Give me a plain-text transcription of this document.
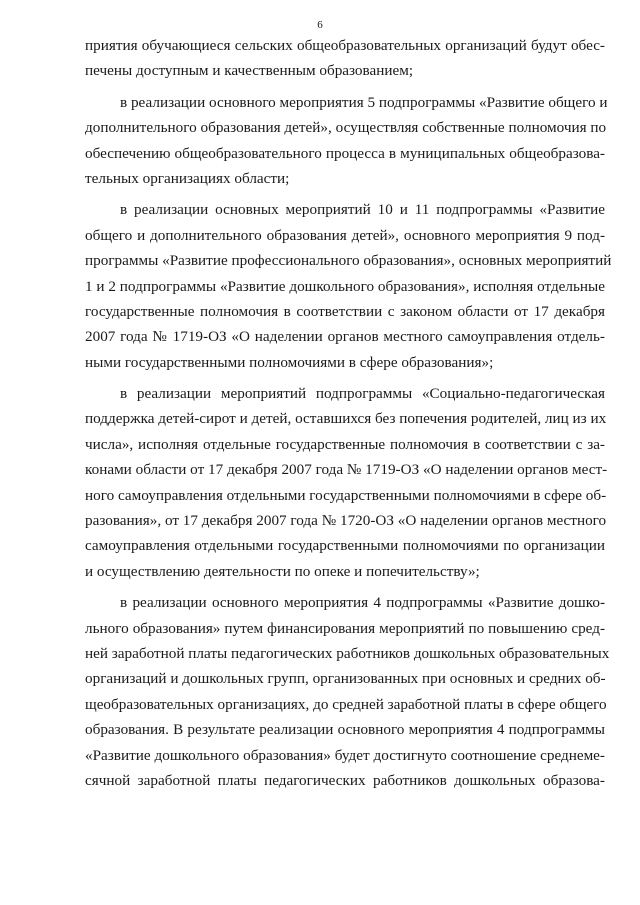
6
приятия обучающиеся сельских общеобразовательных организаций будут обес-
печены доступным и качественным образованием;
в реализации основного мероприятия 5 подпрограммы «Развитие общего и
дополнительного образования детей», осуществляя собственные полномочия по
обеспечению общеобразовательного процесса в муниципальных общеобразова-
тельных организациях области;
в реализации основных мероприятий 10 и 11 подпрограммы «Развитие
общего и дополнительного образования детей», основного мероприятия 9 под-
программы «Развитие профессионального образования», основных мероприятий
1 и 2 подпрограммы «Развитие дошкольного образования», исполняя отдельные
государственные полномочия в соответствии с законом области от 17 декабря
2007 года № 1719-ОЗ «О наделении органов местного самоуправления отдель-
ными государственными полномочиями в сфере образования»;
в реализации мероприятий подпрограммы «Социально-педагогическая
поддержка детей-сирот и детей, оставшихся без попечения родителей, лиц из их
числа», исполняя отдельные государственные полномочия в соответствии с за-
конами области от 17 декабря 2007 года № 1719-ОЗ «О наделении органов мест-
ного самоуправления отдельными государственными полномочиями в сфере об-
разования», от 17 декабря 2007 года № 1720-ОЗ «О наделении органов местного
самоуправления отдельными государственными полномочиями по организации
и осуществлению деятельности по опеке и попечительству»;
в реализации основного мероприятия 4 подпрограммы «Развитие дошко-
льного образования» путем финансирования мероприятий по повышению сред-
ней заработной платы педагогических работников дошкольных образовательных
организаций и дошкольных групп, организованных при основных и средних об-
щеобразовательных организациях, до средней заработной платы в сфере общего
образования. В результате реализации основного мероприятия 4 подпрограммы
«Развитие дошкольного образования» будет достигнуто соотношение среднеме-
сячной заработной платы педагогических работников дошкольных образова-
